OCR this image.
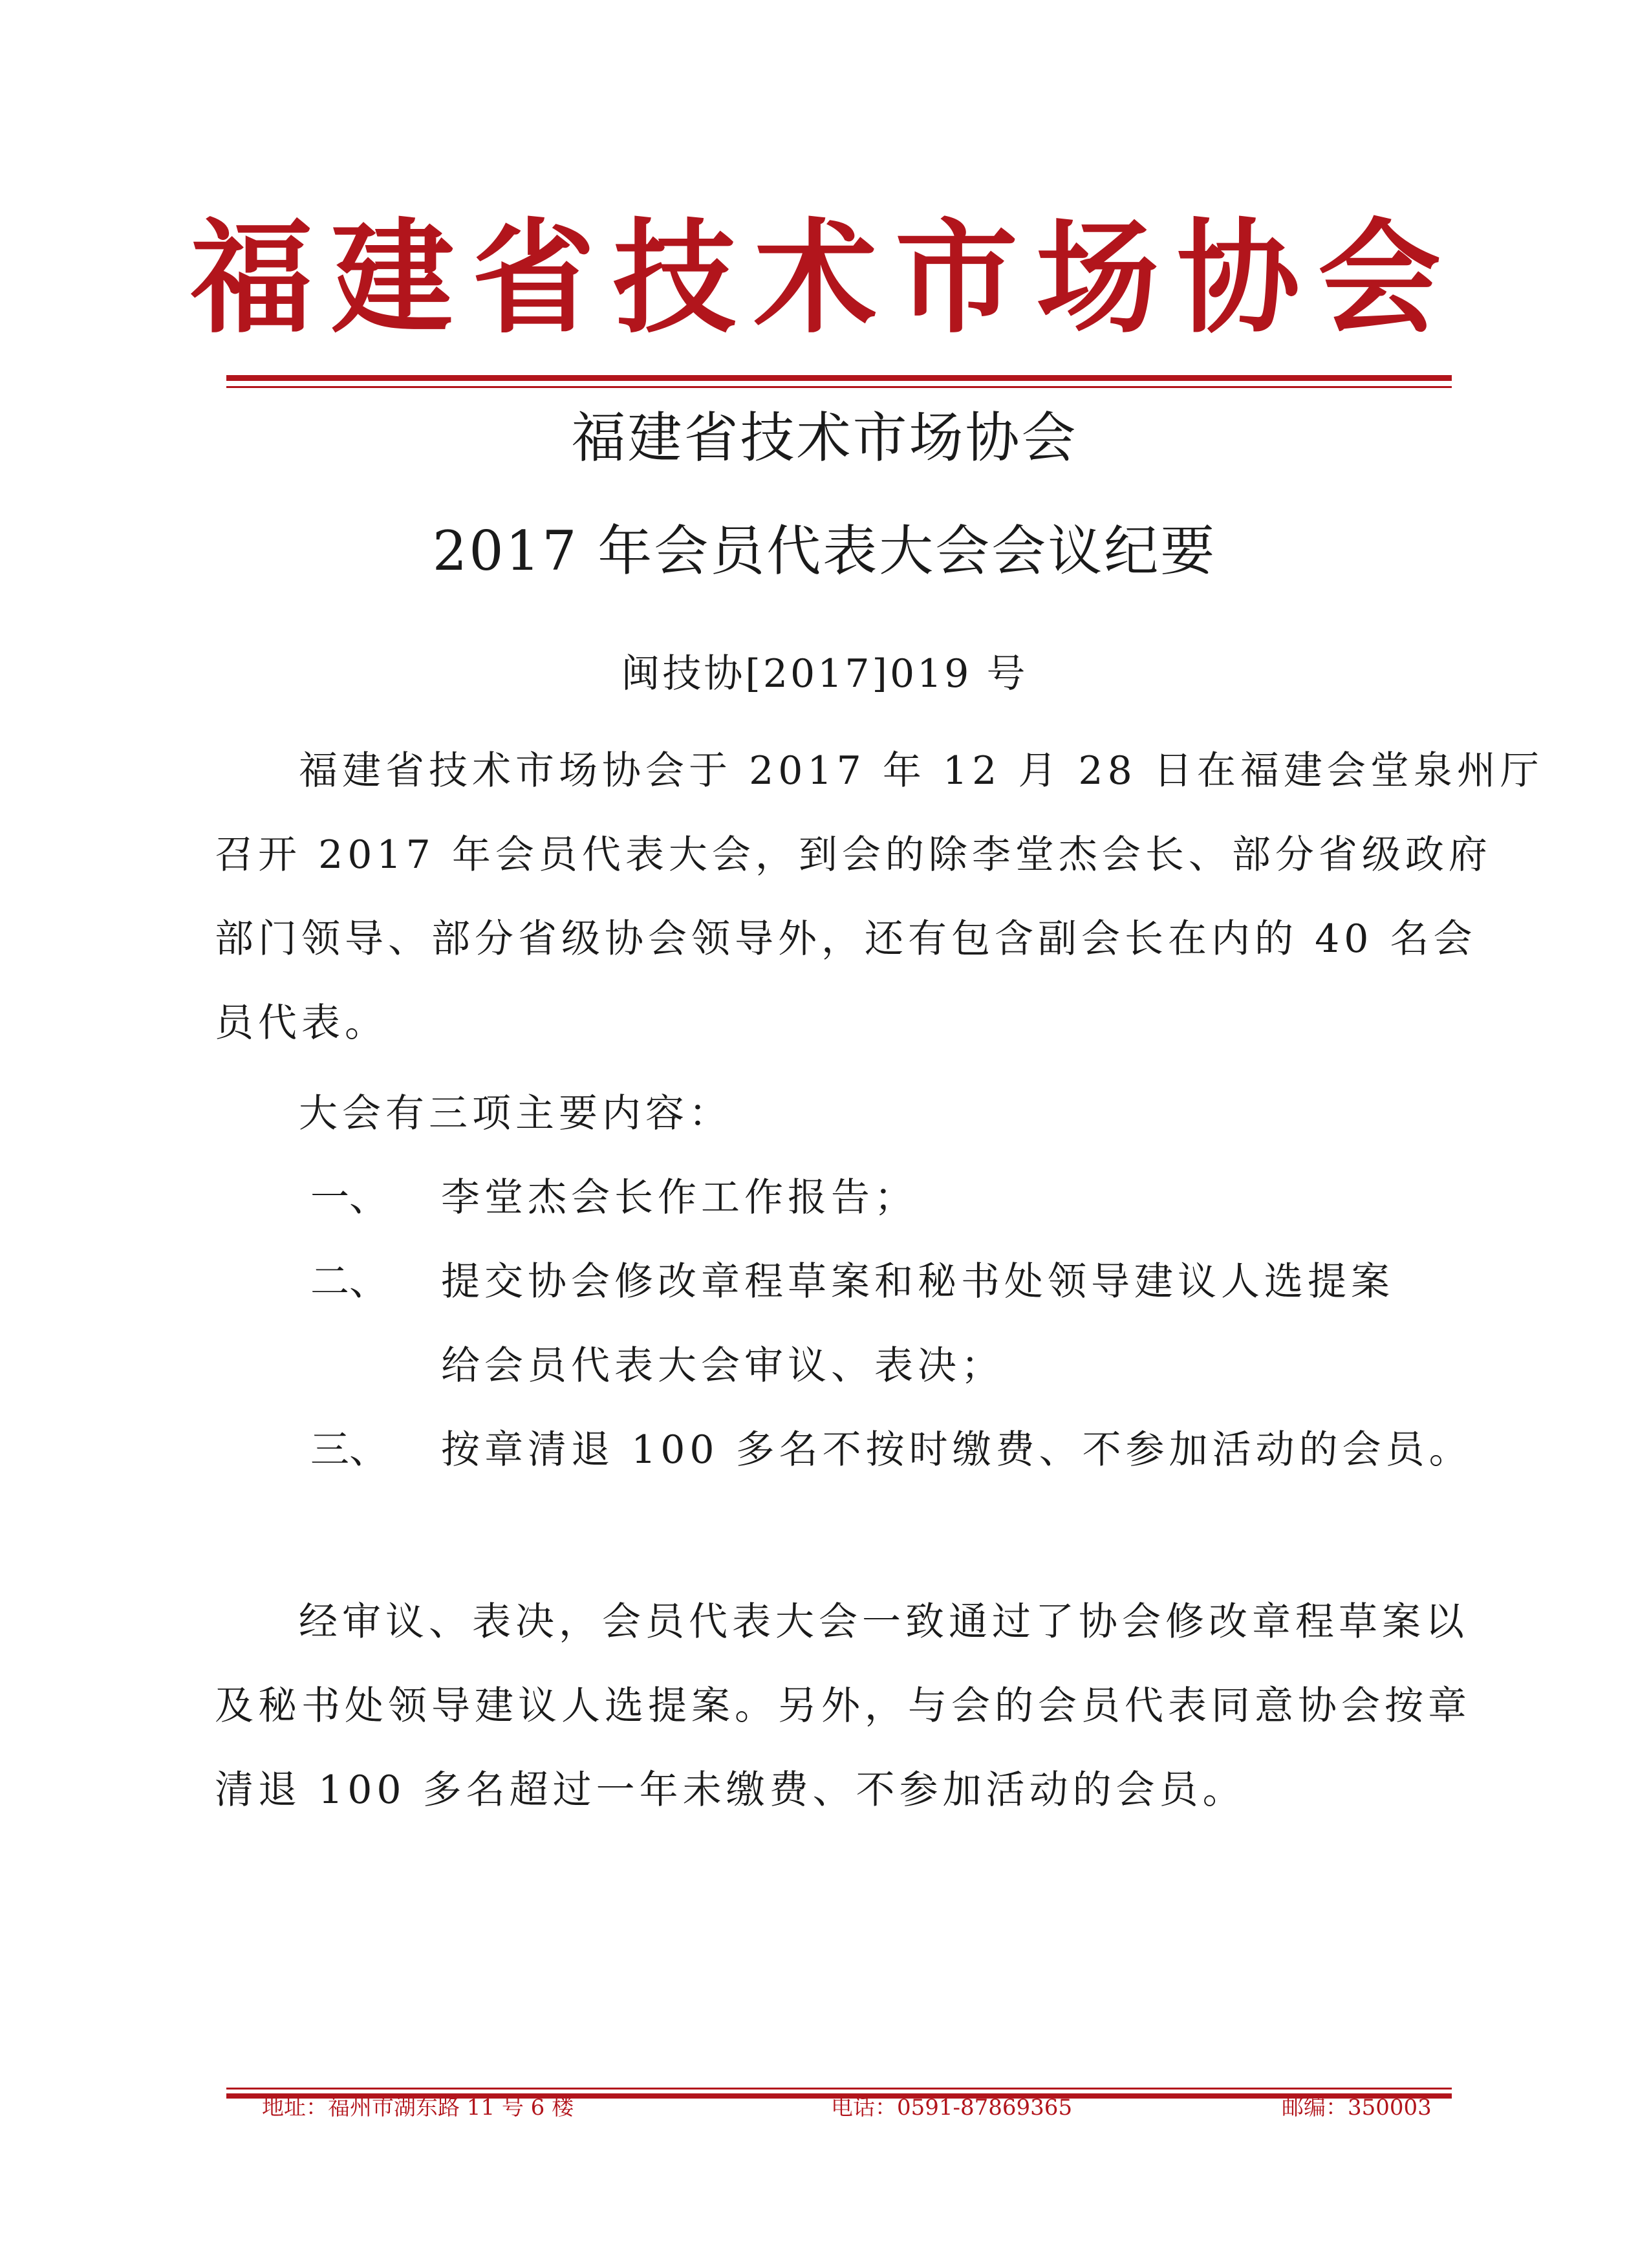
福建省技术市场协会
福建省技术市场协会
2017 年会员代表大会会议纪要
闽技协[2017]019 号
福建省技术市场协会于 2017 年 12 月 28 日在福建会堂泉州厅
召开 2017 年会员代表大会，到会的除李堂杰会长、部分省级政府
部门领导、部分省级协会领导外，还有包含副会长在内的 40 名会
员代表。
大会有三项主要内容：
一、 李堂杰会长作工作报告；
二、 提交协会修改章程草案和秘书处领导建议人选提案
给会员代表大会审议、表决；
三、 按章清退 100 多名不按时缴费、不参加活动的会员。
经审议、表决，会员代表大会一致通过了协会修改章程草案以
及秘书处领导建议人选提案。另外，与会的会员代表同意协会按章
清退 100 多名超过一年未缴费、不参加活动的会员。
地址：福州市湖东路 11 号 6 楼	电话：0591-87869365	邮编：350003
